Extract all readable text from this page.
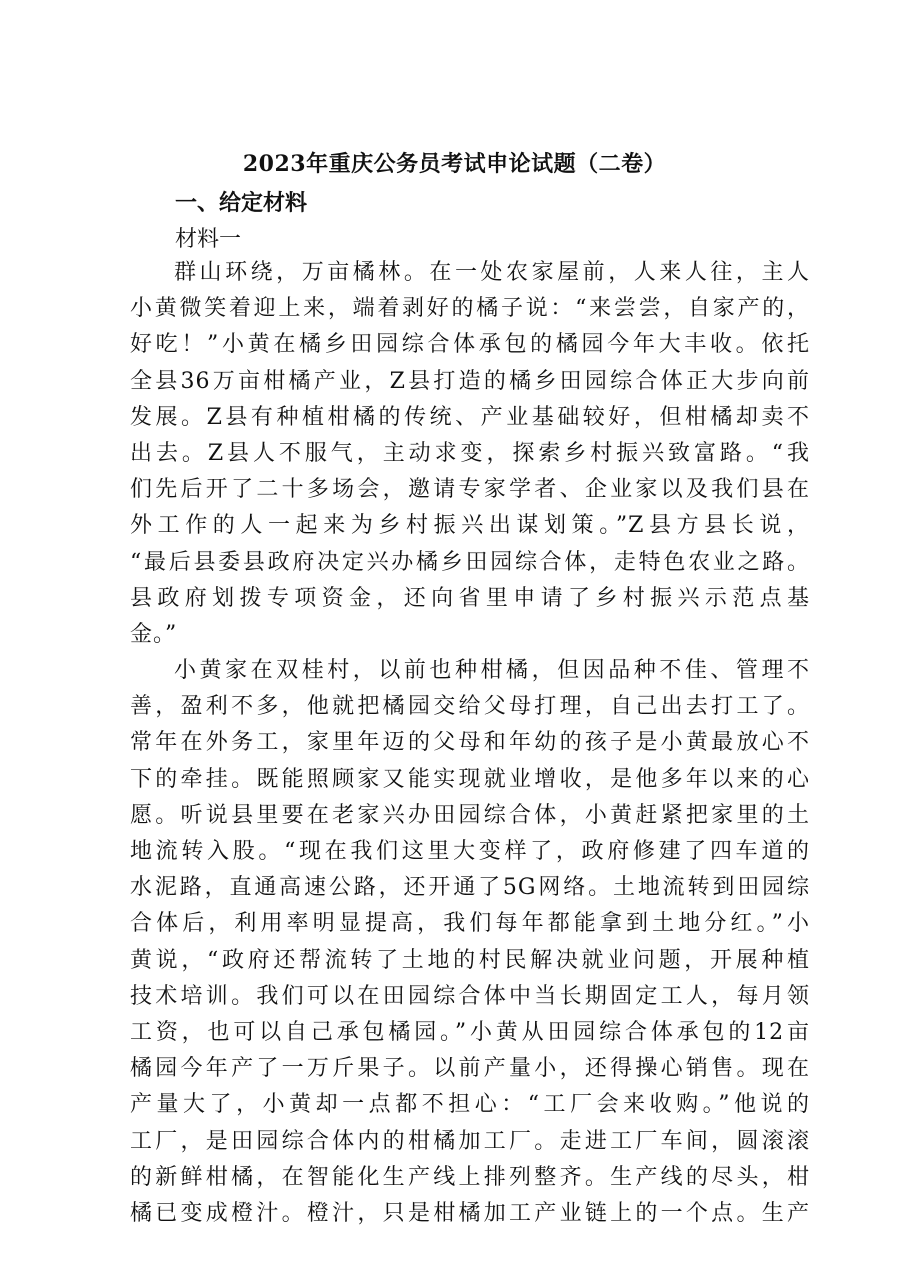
2023年重庆公务员考试申论试题（二卷）
一、给定材料
材料一
群山环绕，万亩橘林。在一处农家屋前，人来人往，主人
小黄微笑着迎上来，端着剥好的橘子说：“来尝尝，自家产的，
好吃！”小黄在橘乡田园综合体承包的橘园今年大丰收。依托
全县36万亩柑橘产业，Z县打造的橘乡田园综合体正大步向前
发展。Z县有种植柑橘的传统、产业基础较好，但柑橘却卖不
出去。Z县人不服气，主动求变，探索乡村振兴致富路。“我
们先后开了二十多场会，邀请专家学者、企业家以及我们县在
外工作的人一起来为乡村振兴出谋划策。”Z县方县长说，
“最后县委县政府决定兴办橘乡田园综合体，走特色农业之路。
县政府划拨专项资金，还向省里申请了乡村振兴示范点基
金。”
小黄家在双桂村，以前也种柑橘，但因品种不佳、管理不
善，盈利不多，他就把橘园交给父母打理，自己出去打工了。
常年在外务工，家里年迈的父母和年幼的孩子是小黄最放心不
下的牵挂。既能照顾家又能实现就业增收，是他多年以来的心
愿。听说县里要在老家兴办田园综合体，小黄赶紧把家里的土
地流转入股。“现在我们这里大变样了，政府修建了四车道的
水泥路，直通高速公路，还开通了5G网络。土地流转到田园综
合体后，利用率明显提高，我们每年都能拿到土地分红。”小
黄说，“政府还帮流转了土地的村民解决就业问题，开展种植
技术培训。我们可以在田园综合体中当长期固定工人，每月领
工资，也可以自己承包橘园。”小黄从田园综合体承包的12亩
橘园今年产了一万斤果子。以前产量小，还得操心销售。现在
产量大了，小黄却一点都不担心：“工厂会来收购。”他说的
工厂，是田园综合体内的柑橘加工厂。走进工厂车间，圆滚滚
的新鲜柑橘，在智能化生产线上排列整齐。生产线的尽头，柑
橘已变成橙汁。橙汁，只是柑橘加工产业链上的一个点。生产
